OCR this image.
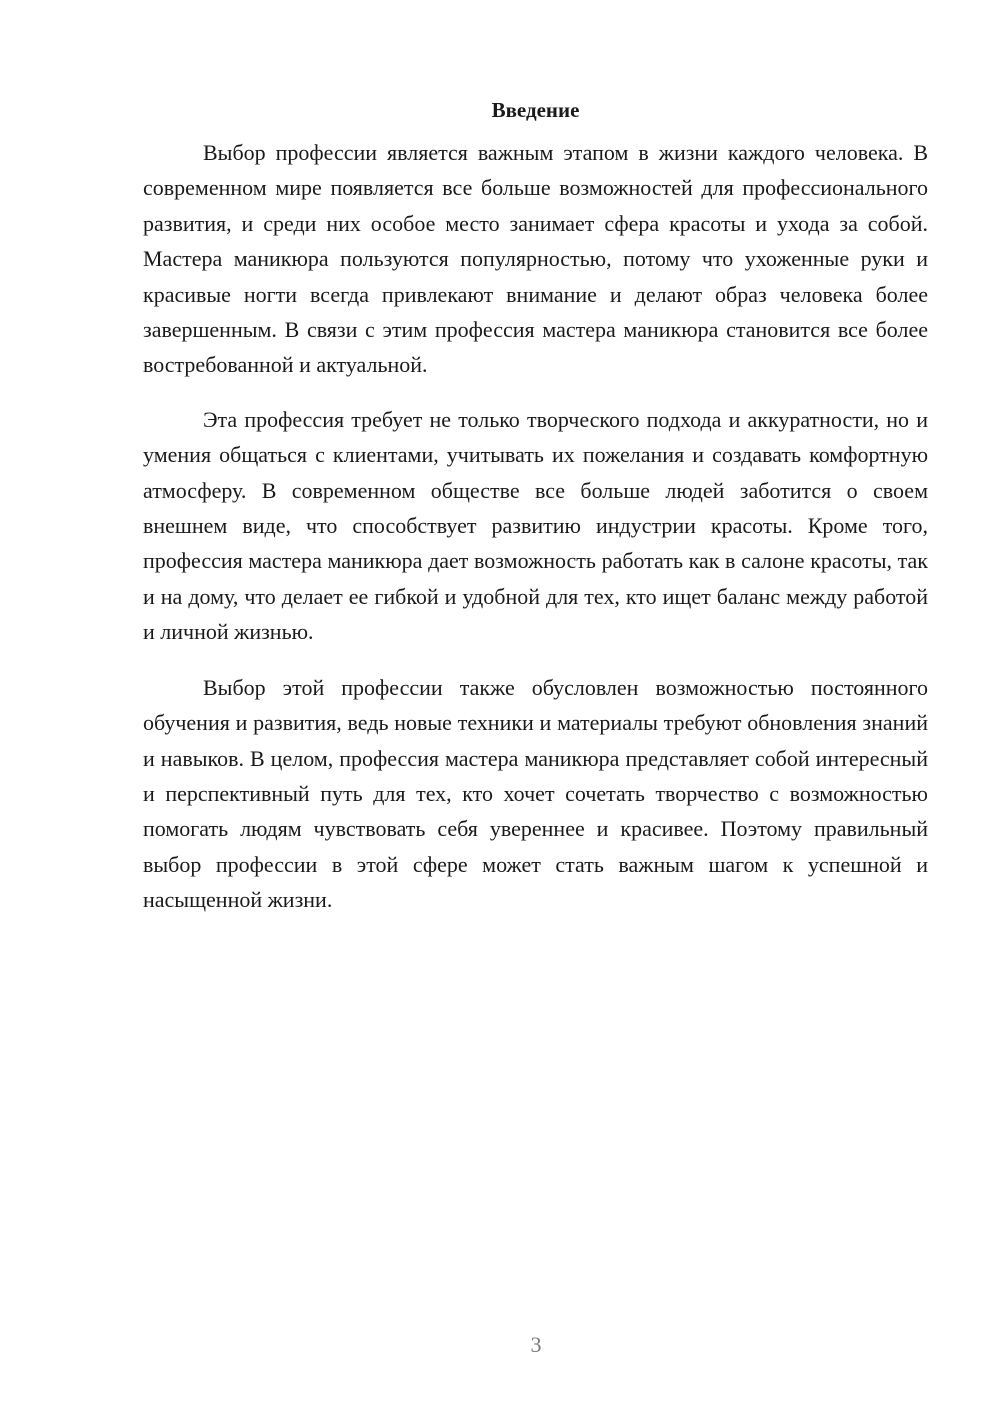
Введение

Выбор профессии является важным этапом в жизни каждого человека. В современном мире появляется все больше возможностей для профессионального развития, и среди них особое место занимает сфера красоты и ухода за собой. Мастера маникюра пользуются популярностью, потому что ухоженные руки и красивые ногти всегда привлекают внимание и делают образ человека более завершенным. В связи с этим профессия мастера маникюра становится все более востребованной и актуальной.

Эта профессия требует не только творческого подхода и аккуратности, но и умения общаться с клиентами, учитывать их пожелания и создавать комфортную атмосферу. В современном обществе все больше людей заботится о своем внешнем виде, что способствует развитию индустрии красоты. Кроме того, профессия мастера маникюра дает возможность работать как в салоне красоты, так и на дому, что делает ее гибкой и удобной для тех, кто ищет баланс между работой и личной жизнью.

Выбор этой профессии также обусловлен возможностью постоянного обучения и развития, ведь новые техники и материалы требуют обновления знаний и навыков. В целом, профессия мастера маникюра представляет собой интересный и перспективный путь для тех, кто хочет сочетать творчество с возможностью помогать людям чувствовать себя увереннее и красивее. Поэтому правильный выбор профессии в этой сфере может стать важным шагом к успешной и насыщенной жизни.

3
